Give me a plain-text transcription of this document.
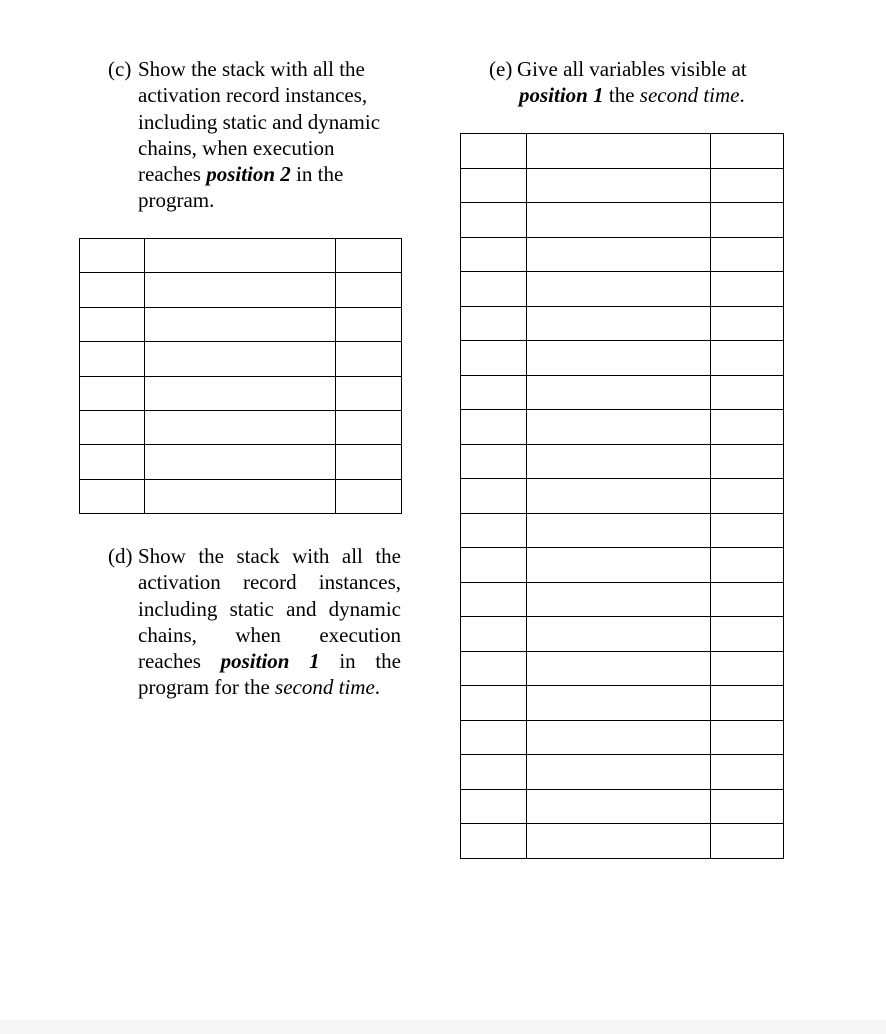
(c) Show the stack with all the
activation record instances,
including static and dynamic
chains, when execution
reaches position 2 in the
program.

(d) Show the stack with all the
activation record instances,
including static and dynamic
chains, when execution
reaches position 1 in the
program for the second time.
(e) Give all variables visible at
position 1 the second time.
